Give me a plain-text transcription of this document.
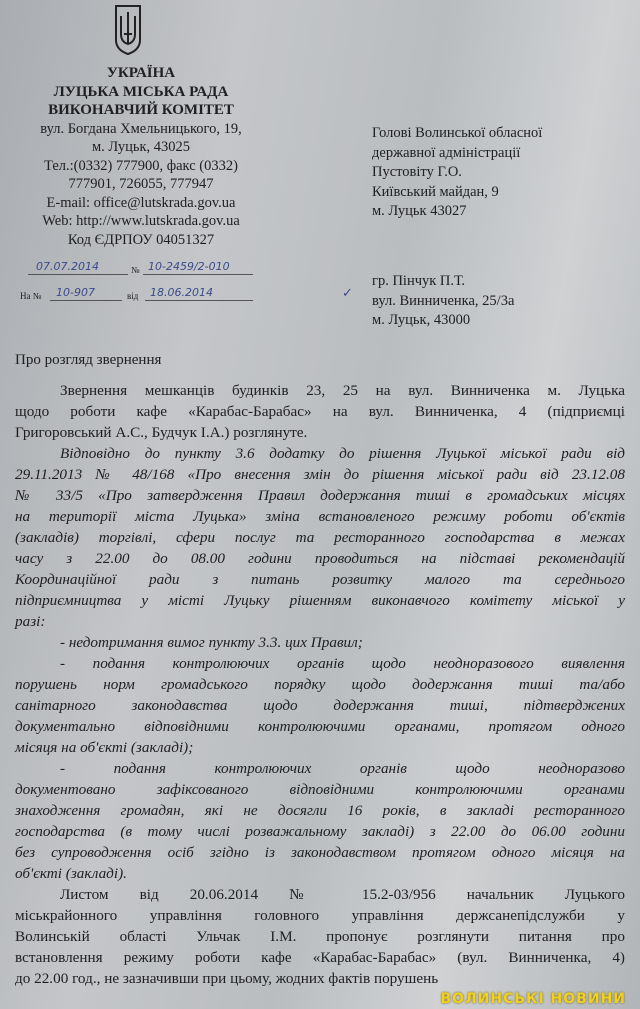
УКРАЇНА
ЛУЦЬКА МІСЬКА РАДА
ВИКОНАВЧИЙ КОМІТЕТ
вул. Богдана Хмельницького, 19,
м. Луцьк, 43025
Тел.:(0332) 777900, факс (0332)
777901, 726055, 777947
E-mail: office@lutskrada.gov.ua
Web: http://www.lutskrada.gov.ua
Код ЄДРПОУ 04051327
07.07.2014	№ 10-2459/2-010
На № 10-907	від 18.06.2014
Голові Волинської обласної
державної адміністрації
Пустовіту Г.О.
Київський майдан, 9
м. Луцьк 43027
✓
гр. Пінчук П.Т.
вул. Винниченка, 25/3а
м. Луцьк, 43000
Про розгляд звернення
Звернення мешканців будинків 23, 25 на вул. Винниченка м. Луцька
щодо роботи кафе «Карабас-Барабас» на вул. Винниченка, 4 (підприємці
Григоровський А.С., Будчук І.А.) розглянуте.
Відповідно до пункту 3.6 додатку до рішення Луцької міської ради від
29.11.2013 № 48/168 «Про внесення змін до рішення міської ради від 23.12.08
№ 33/5 «Про затвердження Правил додержання тиші в громадських місцях
на території міста Луцька» зміна встановленого режиму роботи об'єктів
(закладів) торгівлі, сфери послуг та ресторанного господарства в межах
часу з 22.00 до 08.00 години проводиться на підставі рекомендацій
Координаційної ради з питань розвитку малого та середнього
підприємництва у місті Луцьку рішенням виконавчого комітету міської у
разі:
- недотримання вимог пункту 3.3. цих Правил;
- подання контролюючих органів щодо неодноразового виявлення
порушень норм громадського порядку щодо додержання тиші та/або
санітарного законодавства щодо додержання тиші, підтверджених
документально відповідними контролюючими органами, протягом одного
місяця на об'єкті (закладі);
- подання контролюючих органів щодо неодноразово
документовано зафіксованого відповідними контролюючими органами
знаходження громадян, які не досягли 16 років, в закладі ресторанного
господарства (в тому числі розважальному закладі) з 22.00 до 06.00 години
без супроводження осіб згідно із законодавством протягом одного місяця на
об'єкті (закладі).
Листом від 20.06.2014 № 15.2-03/956 начальник Луцького
міськрайонного управління головного управління держсанепідслужби у
Волинській області Ульчак І.М. пропонує розглянути питання про
встановлення режиму роботи кафе «Карабас-Барабас» (вул. Винниченка, 4)
до 22.00 год., не зазначивши при цьому, жодних фактів порушень
ВОЛИНСЬКІ НОВИНИ
